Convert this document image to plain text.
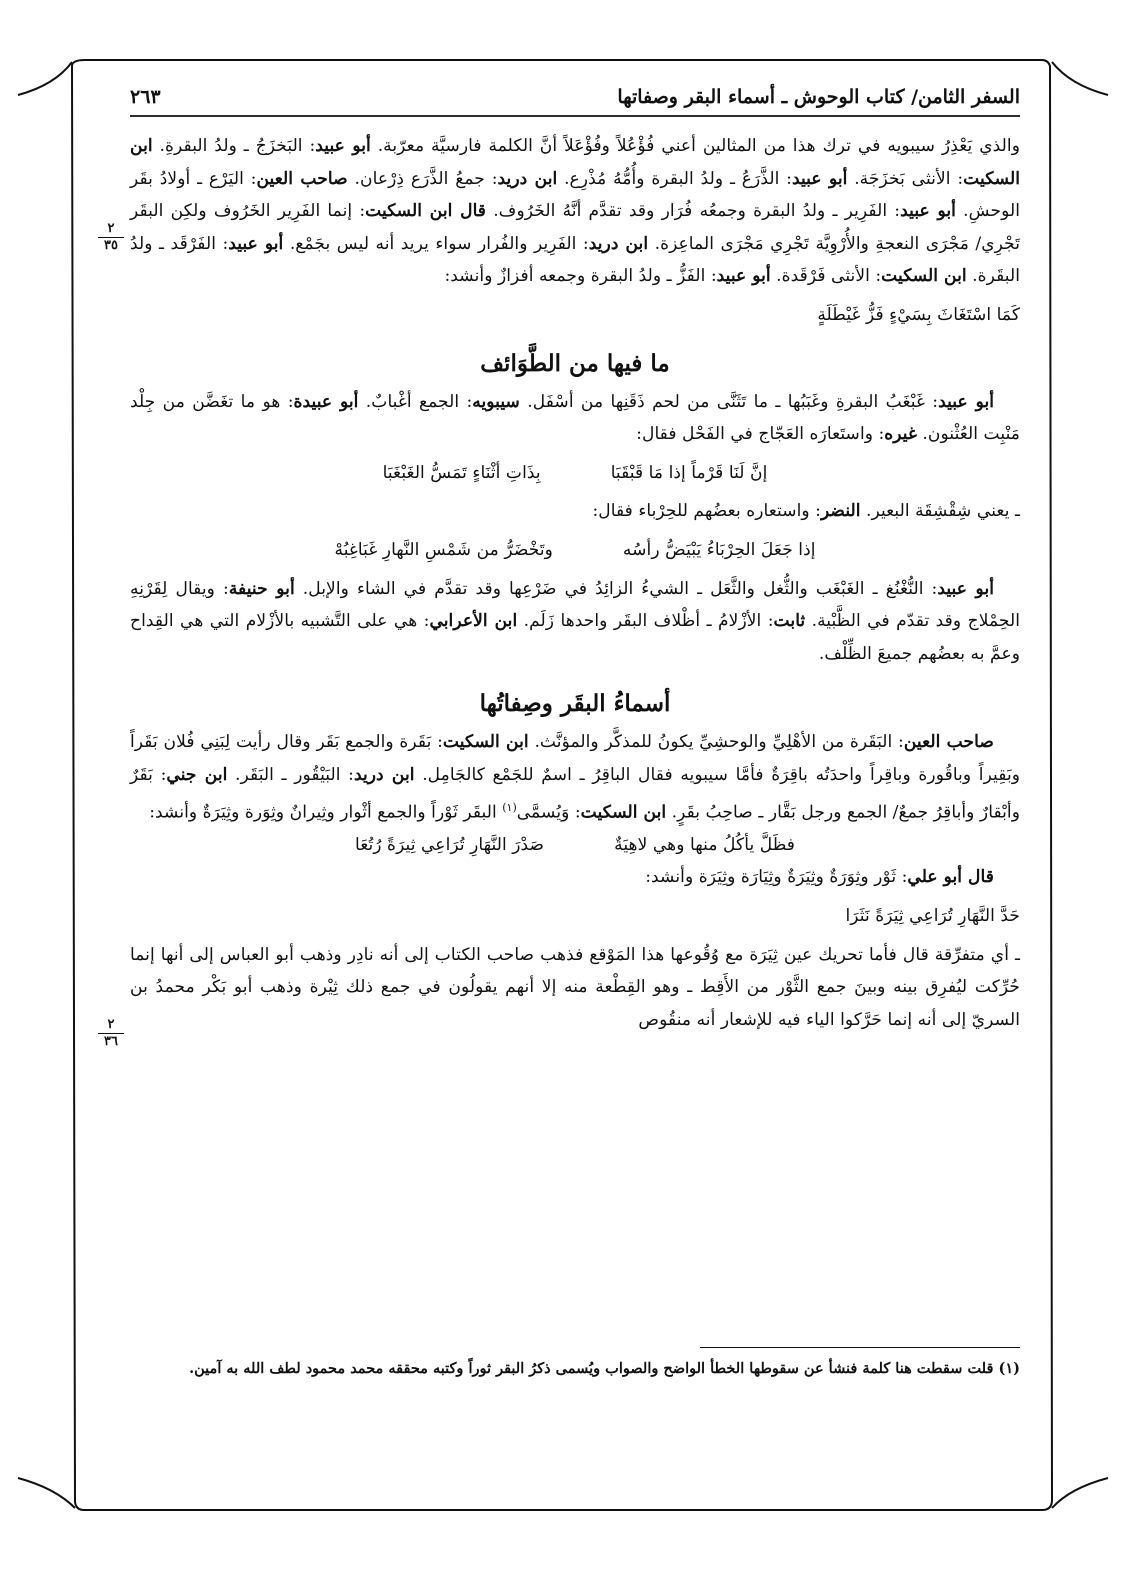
السفر الثامن/ كتاب الوحوش ـ أسماء البقر وصفاتها
٢٦٣
٢
٣٥
٢
٣٦

والذي يَعْذِرُ سيبويه في ترك هذا من المثالين أعني فُؤْعُلاً وفُؤْعَلاً أنَّ الكلمة فارسيَّة معرّبة. أبو عبيد: البَخزَجُ ـ ولدُ البقرةِ. ابن السكيت: الأنثى بَخزَجَة. أبو عبيد: الذَّرَعُ ـ ولدُ البقرة وأُمُّهُ مُذْرِع. ابن دريد: جمعُ الذَّرَع ذِرْعان. صاحب العين: اليَرْع ـ أولادُ بقَر الوحشِ. أبو عبيد: الفَرِير ـ ولدُ البقرة وجمعُه فُرَار وقد تقدَّم أنَّهُ الخَرُوف. قال ابن السكيت: إنما الفَرِير الخَرُوف ولكِن البقَر تَجْرِي/ مَجْرَى النعجةِ والأُرْوِيَّة تَجْرِي مَجْرَى الماعِزة. ابن دريد: الفَرِير والفُرار سواء يريد أنه ليس بجَمْع. أبو عبيد: الفَرْقَد ـ ولدُ البقَرة. ابن السكيت: الأنثى فَرْقَدة. أبو عبيد: الفَزُّ ـ ولدُ البقرة وجمعه أفزازٌ وأنشد:

كَمَا اسْتَغَاثَ بِسَيْءٍ فَزُّ غَيْطَلَةٍ

ما فيها من الطَّوَائف

أبو عبيد: غَبْغَبُ البقرةِ وغَبَبُها ـ ما تَثَنَّى من لحم ذَقَنِها من أسْفَل. سيبويه: الجمع أغْبابٌ. أبو عبيدة: هو ما تغَضَّن من جِلْد مَنْبِت العُثْنون. غيره: واستَعارَه العَجّاج في الفَحْل فقال:

إنَّ لَنَا قَرْماً إذا مَا قَبْقَبَا
بِذَاتِ أثْنَاءٍ تَمَسُّ الغَبْغَبَا

ـ يعني شِقْشِقَة البعير. النضر: واستعاره بعضُهم للحِرْباء فقال:

إذا جَعَلَ الحِرْبَاءُ يَبْيَضُّ رأسُه
وتَخْضَرُّ من شَمْسِ النَّهارِ غَبَاغِبُهْ

أبو عبيد: النُّغْنُغ ـ الغَبْغَب والثُّغل والثَّعَل ـ الشيءُ الزائِدُ في ضَرْعِها وقد تقدَّم في الشاء والإبل. أبو حنيفة: ويقال لِقَرْنِهِ الحِمْلاج وقد تقدّم في الظَّبْية. ثابت: الأزْلامُ ـ أظْلاف البقَر واحدها زَلَم. ابن الأعرابي: هي على التَّشبيه بالأزْلام التي هي القِداح وعمَّ به بعضُهم جميعَ الظِّلْف.

أسماءُ البقَر وصِفاتُها

صاحب العين: البَقَرة من الأهْلِيِّ والوحشِيِّ يكونُ للمذكَّر والمؤنَّث. ابن السكيت: بَقَرة والجمع بَقَر وقال رأيت لِبَنِي فُلان بَقَراً وبَقِيراً وباقُورة وباقِراً واحدَتُه باقِرَةٌ فأمَّا سيبويه فقال الباقِرُ ـ اسمٌ للجَمْع كالجَامِل. ابن دريد: البَيْقُور ـ البَقَر. ابن جني: بَقَرٌ وأبْقارٌ وأباقِرُ جمعٌ/ الجمع ورجل بَقَّار ـ صاحِبُ بقَرٍ. ابن السكيت: وَيُسمَّى$^{(١)}$ البقَر ثَوْراً والجمع أثْوار وثِيرانٌ وثِوَرة وثِيَرَةٌ وأنشد:

فظَلَّ يأكُلُ منها وهي لاهِيَةٌ
صَدْرَ النَّهَارِ تُرَاعِي ثِيرَةً رُتُعَا

قال أبو علي: ثَوْر وثِوَرَةٌ وثِيَرَةٌ وثِيَارَة وثِيَرَة وأنشد:

حَدَّ النَّهَارِ تُرَاعِي ثِيَرَةً نَثَرَا

ـ أي متفرِّقة قال فأما تحريك عين ثِيَرَة مع وُقُوعها هذا المَوْقع فذهب صاحب الكتاب إلى أنه نادِر وذهب أبو العباس إلى أنها إنما حُرِّكت ليُفرِق بينه وبينَ جمع الثَّوْر من الأَقِط ـ وهو القِطْعة منه إلا أنهم يقولُون في جمع ذلك ثِيْرة وذهب أبو بَكْر محمدُ بن السريّ إلى أنه إنما حَرَّكوا الياء فيه للإشعار أنه منقُوص

(١) قلت سقطت هنا كلمة فنشأ عن سقوطها الخطأ الواضح والصواب ويُسمى ذكرُ البقر ثوراً وكتبه محققه محمد محمود لطف الله به آمين.
